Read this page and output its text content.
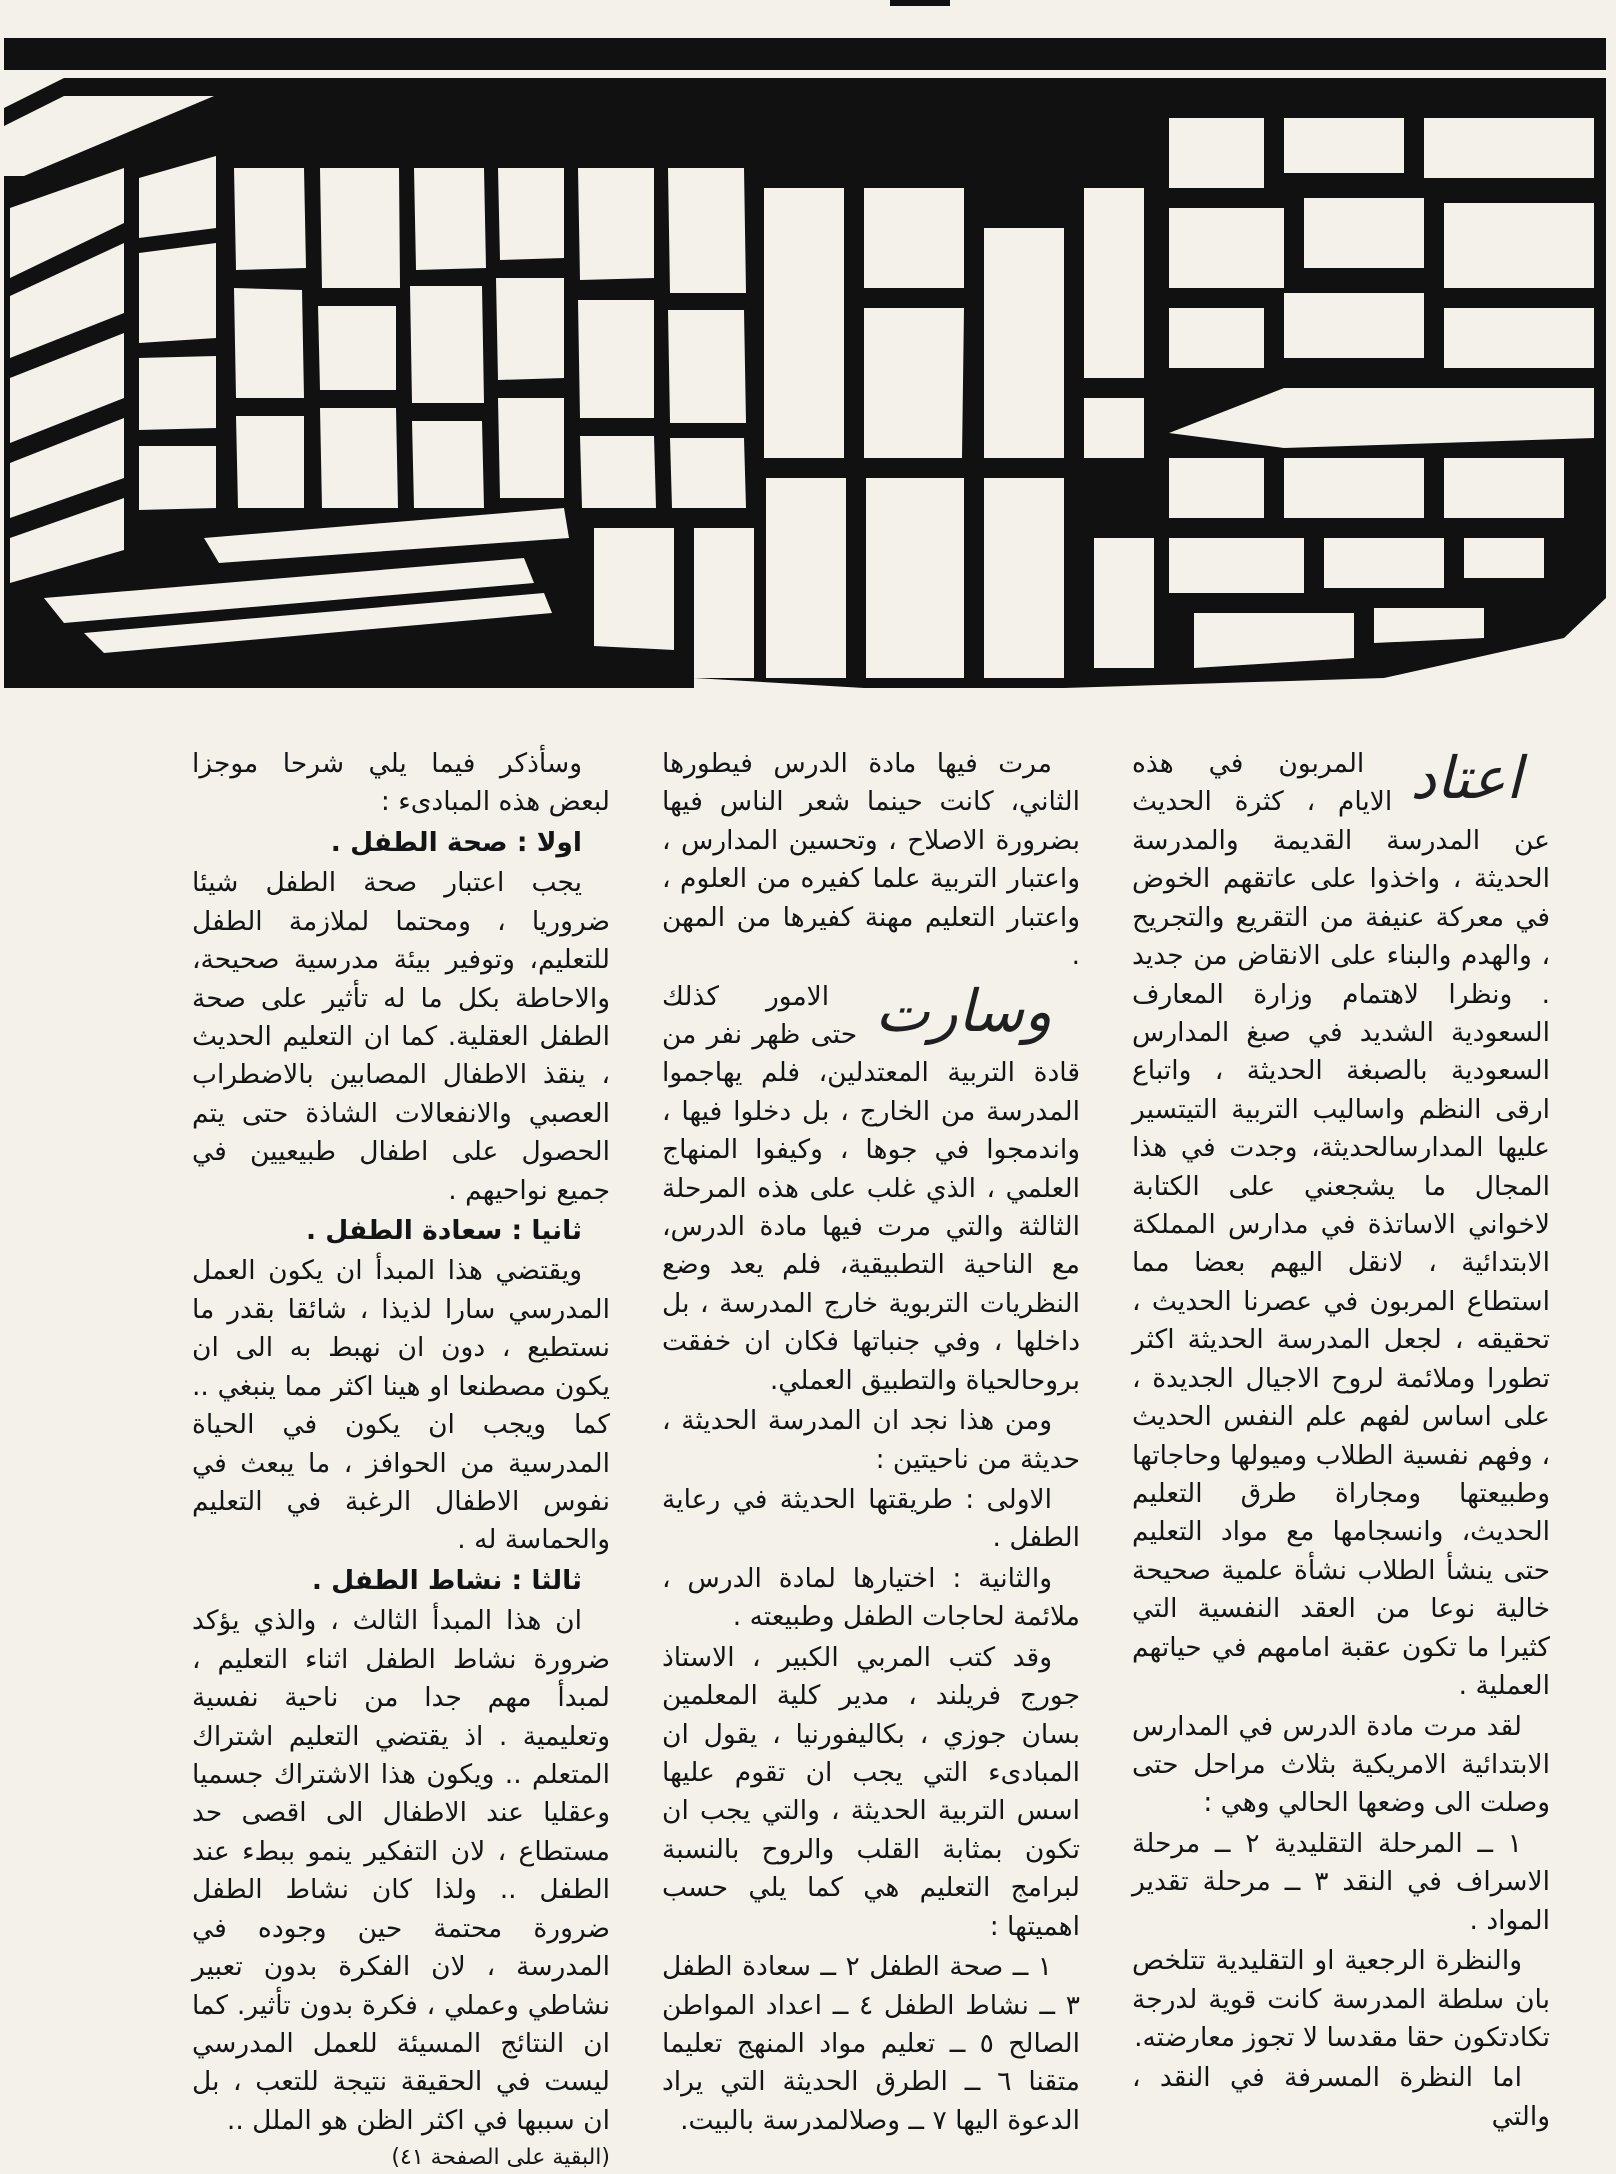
اعتاد
المربون في هذه الايام ، كثرة الحديث عن المدرسة القديمة والمدرسة الحديثة ، واخذوا على عاتقهم الخوض في معركة عنيفة من التقريع والتجريح ، والهدم والبناء على الانقاض من جديد . ونظرا لاهتمام وزارة المعارف السعودية الشديد في صبغ المدارس السعودية بالصبغة الحديثة ، واتباع ارقى النظم واساليب التربية التيتسير عليها المدارسالحديثة، وجدت في هذا المجال ما يشجعني على الكتابة لاخواني الاساتذة في مدارس المملكة الابتدائية ، لانقل اليهم بعضا مما استطاع المربون في عصرنا الحديث ، تحقيقه ، لجعل المدرسة الحديثة اكثر تطورا وملائمة لروح الاجيال الجديدة ، على اساس لفهم علم النفس الحديث ، وفهم نفسية الطلاب وميولها وحاجاتها وطبيعتها ومجاراة طرق التعليم الحديث، وانسجامها مع مواد التعليم حتى ينشأ الطلاب نشأة علمية صحيحة خالية نوعا من العقد النفسية التي كثيرا ما تكون عقبة امامهم في حياتهم العملية .

لقد مرت مادة الدرس في المدارس الابتدائية الامريكية بثلاث مراحل حتى وصلت الى وضعها الحالي وهي :

١ ــ المرحلة التقليدية ٢ ــ مرحلة الاسراف في النقد ٣ ــ مرحلة تقدير المواد .

والنظرة الرجعية او التقليدية تتلخص بان سلطة المدرسة كانت قوية لدرجة تكادتكون حقا مقدسا لا تجوز معارضته.

اما النظرة المسرفة في النقد ، والتي

مرت فيها مادة الدرس فيطورها الثاني، كانت حينما شعر الناس فيها بضرورة الاصلاح ، وتحسين المدارس ، واعتبار التربية علما كفيره من العلوم ، واعتبار التعليم مهنة كفيرها من المهن .

وسارت
الامور كذلك حتى ظهر نفر من قادة التربية المعتدلين، فلم يهاجموا المدرسة من الخارج ، بل دخلوا فيها ، واندمجوا في جوها ، وكيفوا المنهاج العلمي ، الذي غلب على هذه المرحلة الثالثة والتي مرت فيها مادة الدرس، مع الناحية التطبيقية، فلم يعد وضع النظريات التربوية خارج المدرسة ، بل داخلها ، وفي جنباتها فكان ان خفقت بروحالحياة والتطبيق العملي.

ومن هذا نجد ان المدرسة الحديثة ، حديثة من ناحيتين :

الاولى : طريقتها الحديثة في رعاية الطفل .

والثانية : اختيارها لمادة الدرس ، ملائمة لحاجات الطفل وطبيعته .

وقد كتب المربي الكبير ، الاستاذ جورج فريلند ، مدير كلية المعلمين بسان جوزي ، بكاليفورنيا ، يقول ان المبادىء التي يجب ان تقوم عليها اسس التربية الحديثة ، والتي يجب ان تكون بمثابة القلب والروح بالنسبة لبرامج التعليم هي كما يلي حسب اهميتها :

١ ــ صحة الطفل ٢ ــ سعادة الطفل ٣ ــ نشاط الطفل ٤ ــ اعداد المواطن الصالح ٥ ــ تعليم مواد المنهج تعليما متقنا ٦ ــ الطرق الحديثة التي يراد الدعوة اليها ٧ ــ وصلالمدرسة بالبيت.

وسأذكر فيما يلي شرحا موجزا لبعض هذه المبادىء :

اولا : صحة الطفل .

يجب اعتبار صحة الطفل شيئا ضروريا ، ومحتما لملازمة الطفل للتعليم، وتوفير بيئة مدرسية صحيحة، والاحاطة بكل ما له تأثير على صحة الطفل العقلية. كما ان التعليم الحديث ، ينقذ الاطفال المصابين بالاضطراب العصبي والانفعالات الشاذة حتى يتم الحصول على اطفال طبيعيين في جميع نواحيهم .

ثانيا : سعادة الطفل .

ويقتضي هذا المبدأ ان يكون العمل المدرسي سارا لذيذا ، شائقا بقدر ما نستطيع ، دون ان نهبط به الى ان يكون مصطنعا او هينا اكثر مما ينبغي .. كما ويجب ان يكون في الحياة المدرسية من الحوافز ، ما يبعث في نفوس الاطفال الرغبة في التعليم والحماسة له .

ثالثا : نشاط الطفل .

ان هذا المبدأ الثالث ، والذي يؤكد ضرورة نشاط الطفل اثناء التعليم ، لمبدأ مهم جدا من ناحية نفسية وتعليمية . اذ يقتضي التعليم اشتراك المتعلم .. ويكون هذا الاشتراك جسميا وعقليا عند الاطفال الى اقصى حد مستطاع ، لان التفكير ينمو ببطء عند الطفل .. ولذا كان نشاط الطفل ضرورة محتمة حين وجوده في المدرسة ، لان الفكرة بدون تعبير نشاطي وعملي ، فكرة بدون تأثير. كما ان النتائج المسيئة للعمل المدرسي ليست في الحقيقة نتيجة للتعب ، بل ان سببها في اكثر الظن هو الملل ..

(البقية على الصفحة ٤١)
